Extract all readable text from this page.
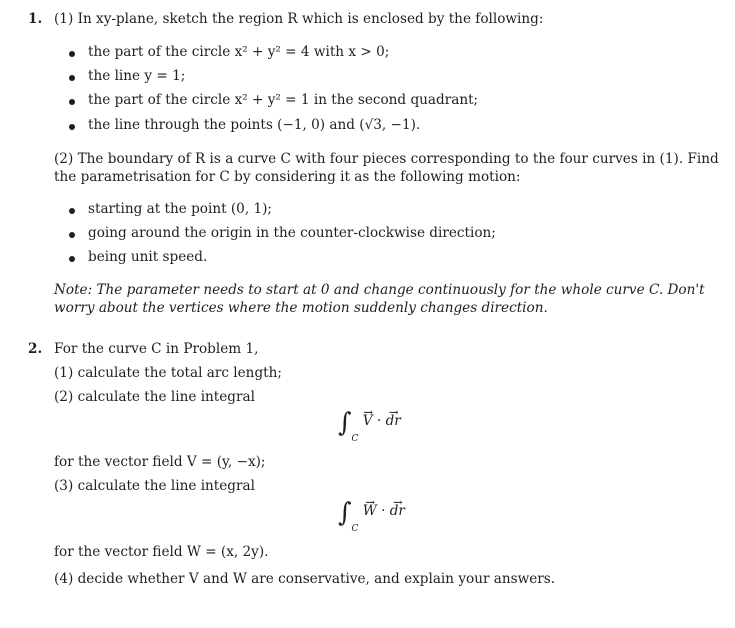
1. (1) In xy-plane, sketch the region R which is enclosed by the following:
the part of the circle x² + y² = 4 with x > 0;
the line y = 1;
the part of the circle x² + y² = 1 in the second quadrant;
the line through the points (−1, 0) and (√3, −1).
(2) The boundary of R is a curve C with four pieces corresponding to the four curves in (1). Find
the parametrisation for C by considering it as the following motion:
starting at the point (0, 1);
going around the origin in the counter-clockwise direction;
being unit speed.
Note: The parameter needs to start at 0 and change continuously for the whole curve C. Don't
worry about the vertices where the motion suddenly changes direction.
2. For the curve C in Problem 1,
(1) calculate the total arc length;
(2) calculate the line integral
$\int_C \to V$ · → dr
for the vector field V = (y, −x);
(3) calculate the line integral
$\int_C \to W$ · → dr
for the vector field W = (x, 2y).
(4) decide whether V and W are conservative, and explain your answers.
